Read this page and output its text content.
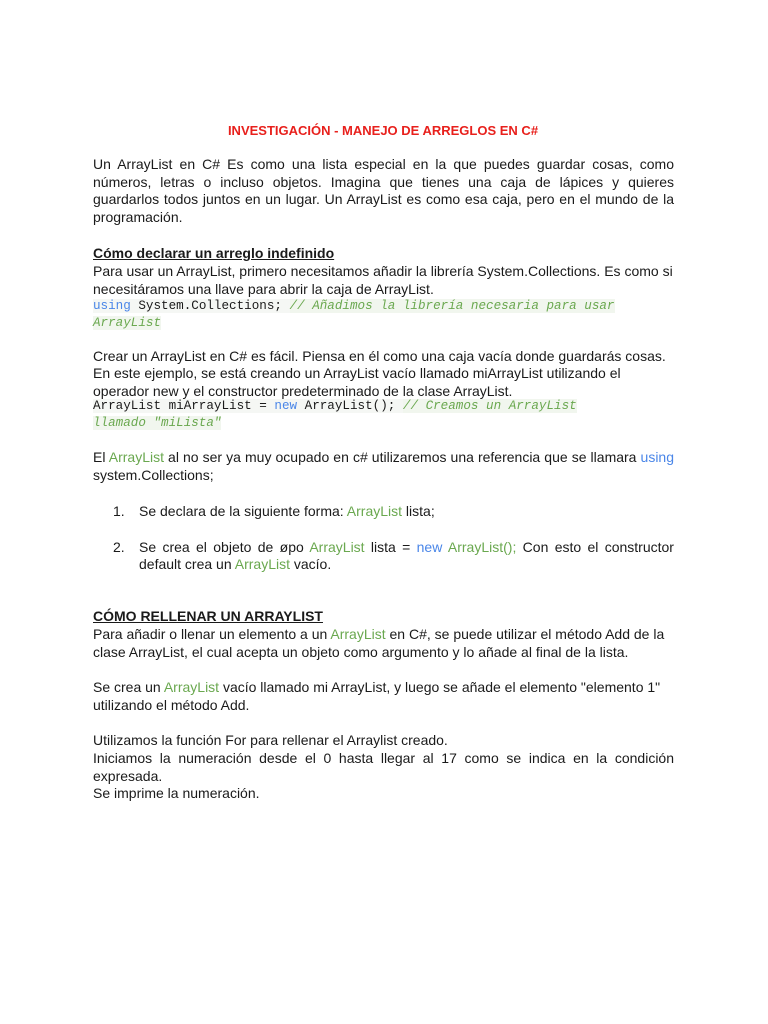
INVESTIGACIÓN - MANEJO DE ARREGLOS EN C#

Un ArrayList en C# Es como una lista especial en la que puedes guardar cosas, como números, letras o incluso objetos. Imagina que tienes una caja de lápices y quieres guardarlos todos juntos en un lugar. Un ArrayList es como esa caja, pero en el mundo de la programación.

Cómo declarar un arreglo indefinido

Para usar un ArrayList, primero necesitamos añadir la librería System.Collections. Es como si necesitáramos una llave para abrir la caja de ArrayList.

using System.Collections; // Añadimos la librería necesaria para usar
ArrayList

Crear un ArrayList en C# es fácil. Piensa en él como una caja vacía donde guardarás cosas.

En este ejemplo, se está creando un ArrayList vacío llamado miArrayList utilizando el operador new y el constructor predeterminado de la clase ArrayList.

ArrayList miArrayList = new ArrayList(); // Creamos un ArrayList
llamado "miLista"

El ArrayList al no ser ya muy ocupado en c# utilizaremos una referencia que se llamara using system.Collections;

1. Se declara de la siguiente forma: ArrayList lista;
2. Se crea el objeto de øpo ArrayList lista = new ArrayList(); Con esto el constructor default crea un ArrayList vacío.
CÓMO RELLENAR UN ARRAYLIST

Para añadir o llenar un elemento a un ArrayList en C#, se puede utilizar el método Add de la clase ArrayList, el cual acepta un objeto como argumento y lo añade al final de la lista.

Se crea un ArrayList vacío llamado mi ArrayList, y luego se añade el elemento "elemento 1" utilizando el método Add.

Utilizamos la función For para rellenar el Arraylist creado.

Iniciamos la numeración desde el 0 hasta llegar al 17 como se indica en la condición expresada.

Se imprime la numeración.
